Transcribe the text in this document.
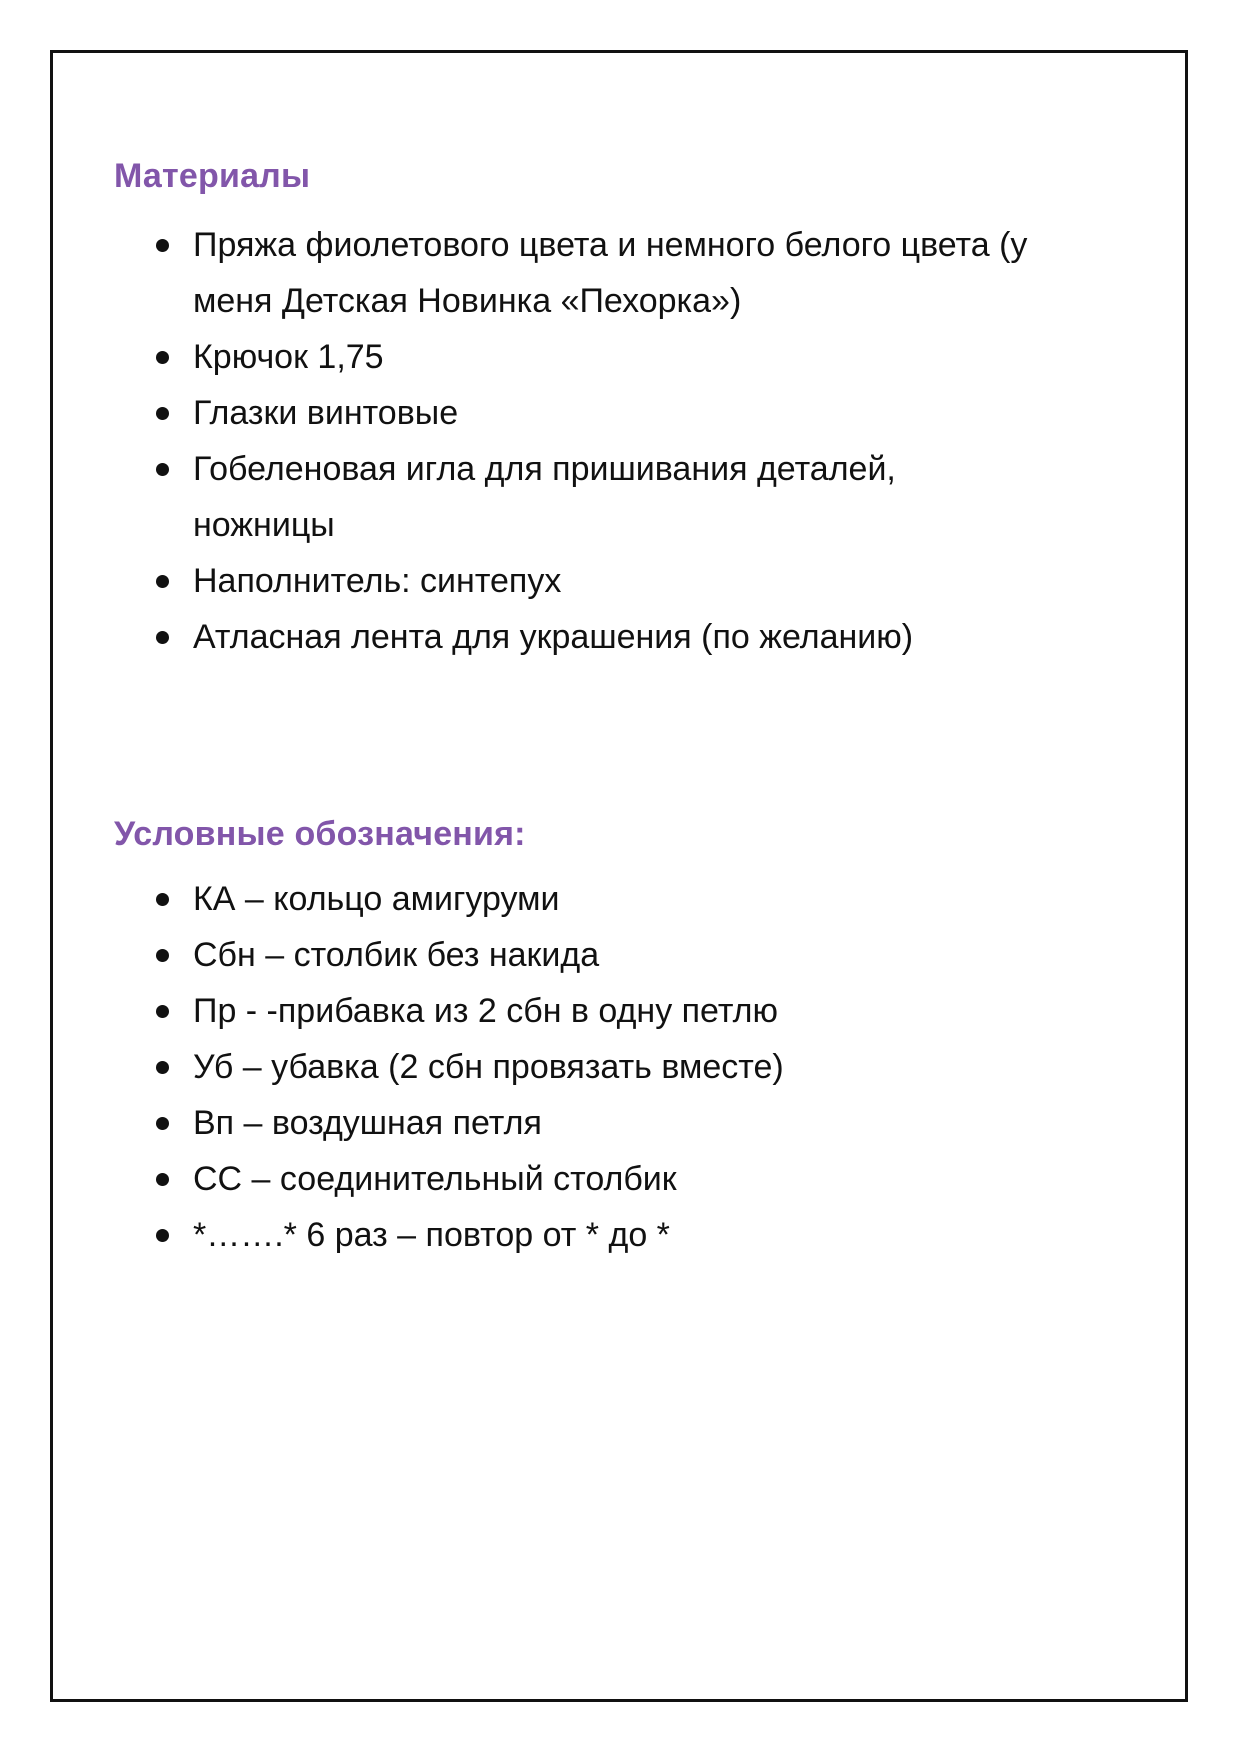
Материалы
Пряжа фиолетового цвета и немного белого цвета (у меня Детская Новинка «Пехорка»)
Крючок 1,75
Глазки винтовые
Гобеленовая игла для пришивания деталей, ножницы
Наполнитель: синтепух
Атласная лента для украшения (по желанию)
Условные обозначения:
КА – кольцо амигуруми
Сбн – столбик без накида
Пр - -прибавка из 2 сбн в одну петлю
Уб – убавка (2 сбн провязать вместе)
Вп – воздушная петля
СС – соединительный столбик
*…….* 6 раз – повтор от * до *
